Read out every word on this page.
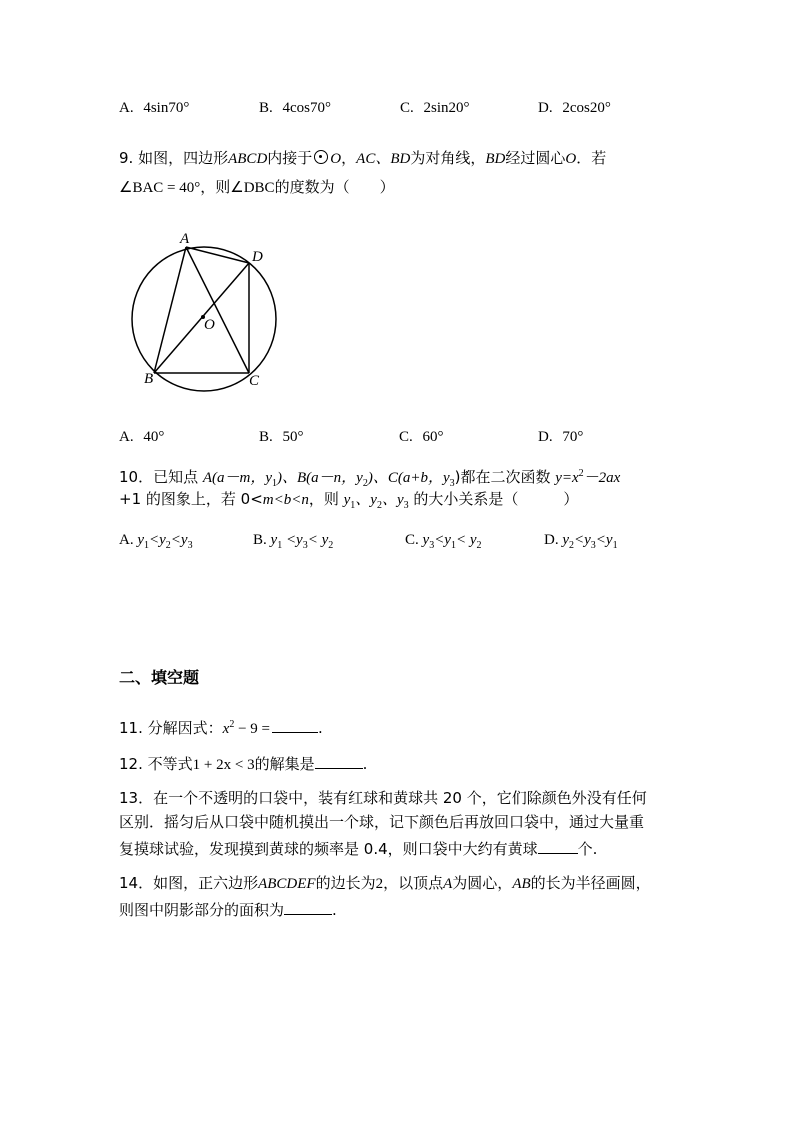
A. 4sin70°	B. 4cos70°	C. 2sin20°	D. 2cos20°
9. 如图，四边形ABCD内接于 O，AC、BD为对角线，BD经过圆心O．若
∠BAC = 40°，则∠DBC的度数为（　　）
A
D
O
B	C
A. 40°	B. 50°	C. 60°	D. 70°
10．已知点 A(a－m，$y_1$)、B(a－n，$y_2$)、C(a+b，$y_3$)都在二次函数 $y=x^2-2ax$
+1 的图象上，若 0<m<b<n，则 $y_1$、$y_2$、$y_3$ 的大小关系是（　　　）
A. $y_1<y_2<y_3$	B. $y_1 <y_3< y_2$	C. $y_3<y_1< y_2$	D. $y_2<y_3<y_1$
二、填空题
11. 分解因式：$x^2 - 9$ =	.
12. 不等式1 + 2x < 3的解集是	.
13．在一个不透明的口袋中，装有红球和黄球共 20 个，它们除颜色外没有任何
区别．摇匀后从口袋中随机摸出一个球，记下颜色后再放回口袋中，通过大量重
复摸球试验，发现摸到黄球的频率是 0.4，则口袋中大约有黄球	个.
14．如图，正六边形ABCDEF的边长为2，以顶点A为圆心，AB的长为半径画圆，
则图中阴影部分的面积为	.
